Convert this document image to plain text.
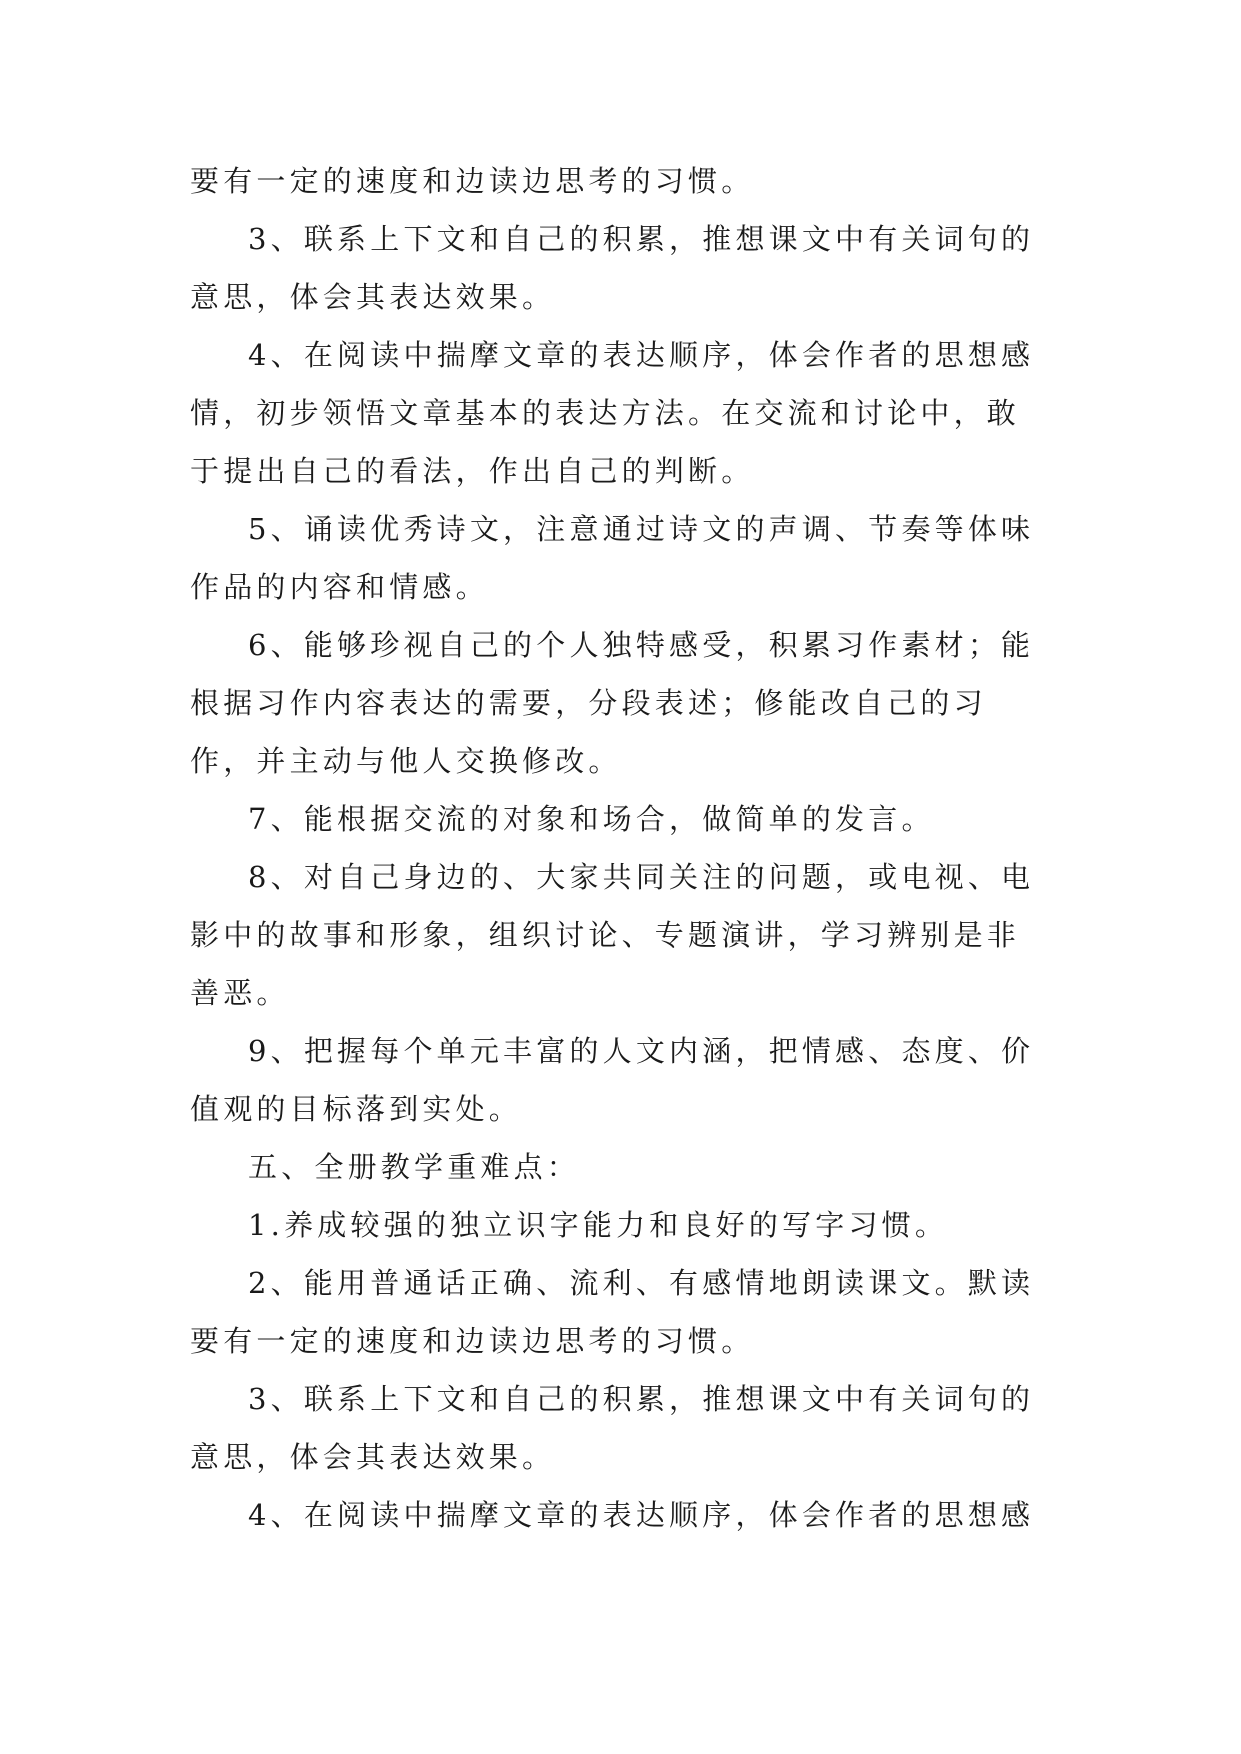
要有一定的速度和边读边思考的习惯。

3、联系上下文和自己的积累，推想课文中有关词句的意思，体会其表达效果。

4、在阅读中揣摩文章的表达顺序，体会作者的思想感情，初步领悟文章基本的表达方法。在交流和讨论中，敢于提出自己的看法，作出自己的判断。

5、诵读优秀诗文，注意通过诗文的声调、节奏等体味作品的内容和情感。

6、能够珍视自己的个人独特感受，积累习作素材；能根据习作内容表达的需要，分段表述；修能改自己的习作，并主动与他人交换修改。

7、能根据交流的对象和场合，做简单的发言。

8、对自己身边的、大家共同关注的问题，或电视、电影中的故事和形象，组织讨论、专题演讲，学习辨别是非善恶。

9、把握每个单元丰富的人文内涵，把情感、态度、价值观的目标落到实处。

五、全册教学重难点：

1.养成较强的独立识字能力和良好的写字习惯。

2、能用普通话正确、流利、有感情地朗读课文。默读要有一定的速度和边读边思考的习惯。

3、联系上下文和自己的积累，推想课文中有关词句的意思，体会其表达效果。

4、在阅读中揣摩文章的表达顺序，体会作者的思想感
